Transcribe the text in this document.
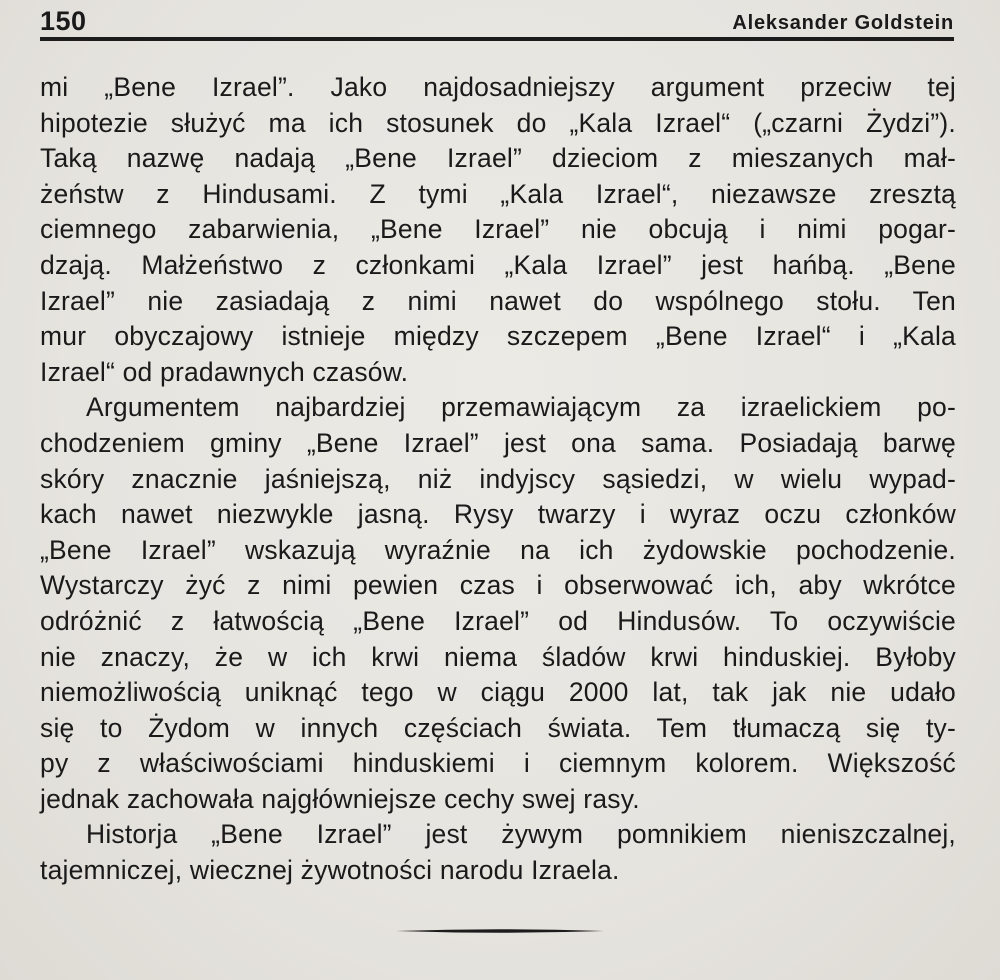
150	Aleksander Goldstein
mi „Bene Izrael”. Jako najdosadniejszy argument przeciw tej
hipotezie służyć ma ich stosunek do „Kala Izrael“ („czarni Żydzi”).
Taką nazwę nadają „Bene Izrael” dzieciom z mieszanych mał-
żeństw z Hindusami. Z tymi „Kala Izrael“, niezawsze zresztą
ciemnego zabarwienia, „Bene Izrael” nie obcują i nimi pogar-
dzają. Małżeństwo z członkami „Kala Izrael” jest hańbą. „Bene
Izrael” nie zasiadają z nimi nawet do wspólnego stołu. Ten
mur obyczajowy istnieje między szczepem „Bene Izrael“ i „Kala
Izrael“ od pradawnych czasów.
Argumentem najbardziej przemawiającym za izraelickiem po-
chodzeniem gminy „Bene Izrael” jest ona sama. Posiadają barwę
skóry znacznie jaśniejszą, niż indyjscy sąsiedzi, w wielu wypad-
kach nawet niezwykle jasną. Rysy twarzy i wyraz oczu członków
„Bene Izrael” wskazują wyraźnie na ich żydowskie pochodzenie.
Wystarczy żyć z nimi pewien czas i obserwować ich, aby wkrótce
odróżnić z łatwością „Bene Izrael” od Hindusów. To oczywiście
nie znaczy, że w ich krwi niema śladów krwi hinduskiej. Byłoby
niemożliwością uniknąć tego w ciągu 2000 lat, tak jak nie udało
się to Żydom w innych częściach świata. Tem tłumaczą się ty-
py z właściwościami hinduskiemi i ciemnym kolorem. Większość
jednak zachowała najgłówniejsze cechy swej rasy.
Historja „Bene Izrael” jest żywym pomnikiem nieniszczalnej,
tajemniczej, wiecznej żywotności narodu Izraela.
